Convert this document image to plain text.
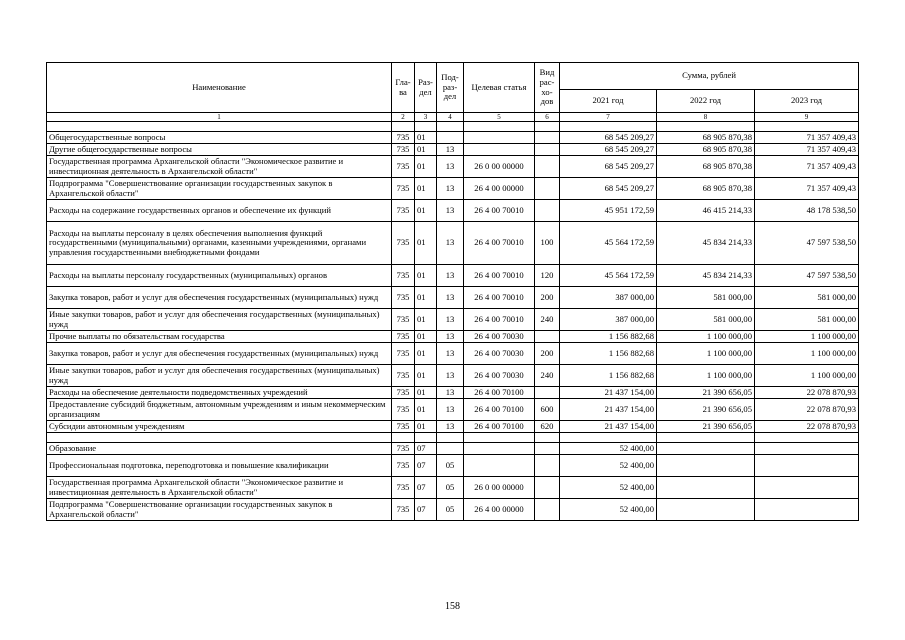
Наименование	Гла-ва	Раз-дел	Под-раз-дел	Целевая статья	Вид рас-хо-дов	Сумма, рублей		
						2021 год	2022 год	2023 год
1	2	3	4	5	6	7	8	9

Общегосударственные вопросы	735	01				68 545 209,27	68 905 870,38	71 357 409,43
Другие общегосударственные вопросы	735	01	13			68 545 209,27	68 905 870,38	71 357 409,43
Государственная программа Архангельской области "Экономическое развитие и инвестиционная деятельность в Архангельской области"	735	01	13	26 0 00 00000		68 545 209,27	68 905 870,38	71 357 409,43
Подпрограмма "Совершенствование организации государственных закупок в Архангельской области"	735	01	13	26 4 00 00000		68 545 209,27	68 905 870,38	71 357 409,43
Расходы на содержание государственных органов и обеспечение их функций	735	01	13	26 4 00 70010		45 951 172,59	46 415 214,33	48 178 538,50
Расходы на выплаты персоналу в целях обеспечения выполнения функций государственными (муниципальными) органами, казенными учреждениями, органами управления государственными внебюджетными фондами	735	01	13	26 4 00 70010	100	45 564 172,59	45 834 214,33	47 597 538,50
Расходы на выплаты персоналу государственных (муниципальных) органов	735	01	13	26 4 00 70010	120	45 564 172,59	45 834 214,33	47 597 538,50
Закупка товаров, работ и услуг для обеспечения государственных (муниципальных) нужд	735	01	13	26 4 00 70010	200	387 000,00	581 000,00	581 000,00
Иные закупки товаров, работ и услуг для обеспечения государственных (муниципальных) нужд	735	01	13	26 4 00 70010	240	387 000,00	581 000,00	581 000,00
Прочие выплаты по обязательствам государства	735	01	13	26 4 00 70030		1 156 882,68	1 100 000,00	1 100 000,00
Закупка товаров, работ и услуг для обеспечения государственных (муниципальных) нужд	735	01	13	26 4 00 70030	200	1 156 882,68	1 100 000,00	1 100 000,00
Иные закупки товаров, работ и услуг для обеспечения государственных (муниципальных) нужд	735	01	13	26 4 00 70030	240	1 156 882,68	1 100 000,00	1 100 000,00
Расходы на обеспечение деятельности подведомственных учреждений	735	01	13	26 4 00 70100		21 437 154,00	21 390 656,05	22 078 870,93
Предоставление субсидий бюджетным, автономным учреждениям и иным некоммерческим организациям	735	01	13	26 4 00 70100	600	21 437 154,00	21 390 656,05	22 078 870,93
Субсидии автономным учреждениям	735	01	13	26 4 00 70100	620	21 437 154,00	21 390 656,05	22 078 870,93

Образование	735	07				52 400,00		
Профессиональная подготовка, переподготовка и повышение квалификации	735	07	05			52 400,00		
Государственная программа Архангельской области "Экономическое развитие и инвестиционная деятельность в Архангельской области"	735	07	05	26 0 00 00000		52 400,00		
Подпрограмма "Совершенствование организации государственных закупок в Архангельской области"	735	07	05	26 4 00 00000		52 400,00		
158
